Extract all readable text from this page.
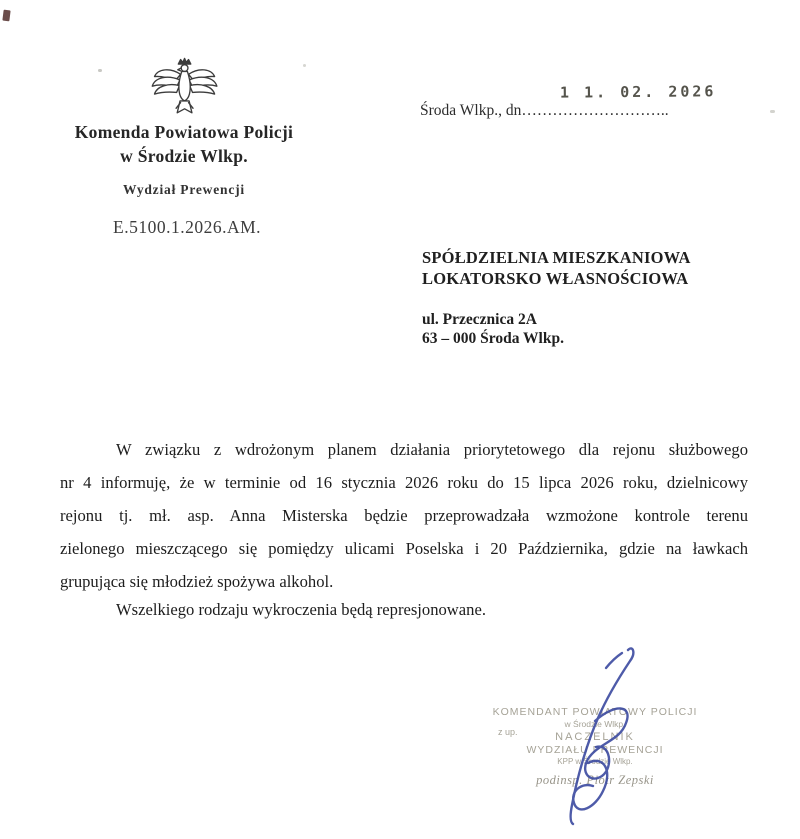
Komenda Powiatowa Policji
w Środzie Wlkp.
Wydział Prewencji
E.5100.1.2026.AM.
1 1. 02. 2026
Środa Wlkp., dn………………………..
SPÓŁDZIELNIA MIESZKANIOWA
LOKATORSKO WŁASNOŚCIOWA
ul. Przecznica 2A
63 – 000 Środa Wlkp.
W związku z wdrożonym planem działania priorytetowego dla rejonu służbowego
nr 4 informuję, że w terminie od 16 stycznia 2026 roku do 15 lipca 2026 roku, dzielnicowy
rejonu tj. mł. asp. Anna Misterska będzie przeprowadzała wzmożone kontrole terenu
zielonego mieszczącego się pomiędzy ulicami Poselska i 20 Października, gdzie na ławkach
grupująca się młodzież spożywa alkohol.
Wszelkiego rodzaju wykroczenia będą represjonowane.
z up.
KOMENDANT POWIATOWY POLICJI
w Środzie Wlkp.
NACZELNIK
WYDZIAŁU PREWENCJI
KPP w Środzie Wlkp.
podinsp. Piotr Zepski
